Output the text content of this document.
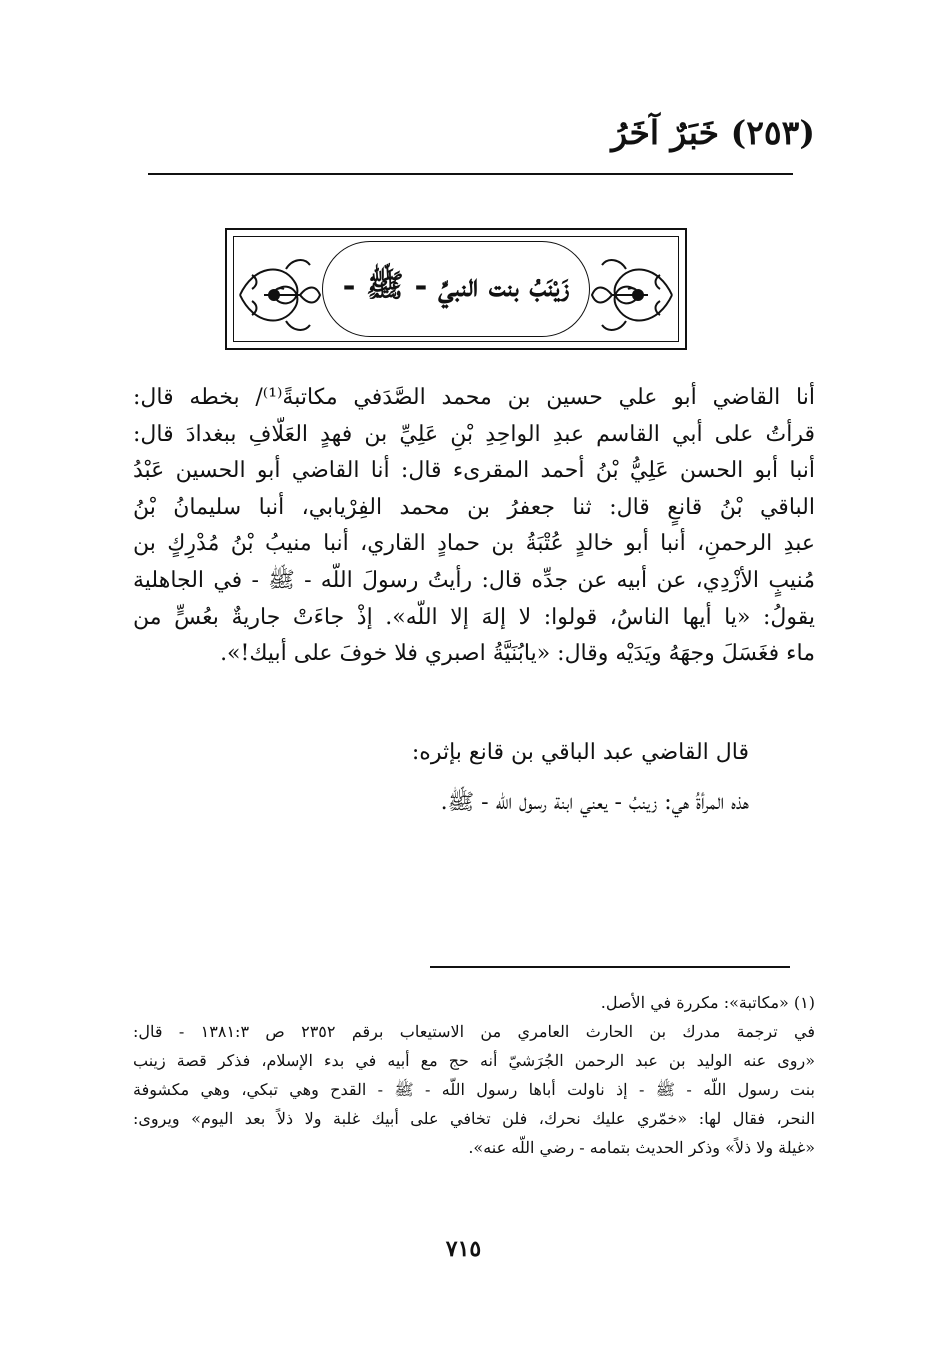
(٢٥٣) خَبَرٌ آخَرُ
زَيْنَبُ بنت النبيِّ - ﷺ -
أنا القاضي أبو علي حسين بن محمد الصَّدَفي مكاتبةً⁽¹⁾/ بخطه قال:
قرأتُ على أبي القاسم عبدِ الواحِدِ بْنِ عَلِيِّ بن فهدٍ العَلَّافِ ببغدادَ قال:
أنبا أبو الحسن عَلِيُّ بْنُ أحمد المقرىء قال: أنا القاضي أبو الحسين عَبْدُ
الباقي بْنُ قانعٍ قال: ثنا جعفرُ بن محمد الفِرْيابي، أنبا سليمانُ بْنُ
عبدِ الرحمنِ، أنبا أبو خالدٍ عُتْبَةُ بن حمادٍ القاري، أنبا منيبُ بْنُ مُدْرِكٍ بن
مُنيبٍ الأزْدِي، عن أبيه عن جدِّه قال: رأيتُ رسولَ اللّه - ﷺ - في الجاهلية
يقولُ: «يا أيها الناسُ، قولوا: لا إلهَ إلا اللّه». إذْ جاءَتْ جاريةٌ بعُسٍّ من
ماء فغَسَلَ وجهَهُ ويَدَيْه وقال: «يابُنَيَّةُ اصبري فلا خوفَ على أبيك!».

قال القاضي عبد الباقي بن قانع بإثره:

هذه المرأةُ هي: زينبُ - يعني ابنة رسول اللّه - ﷺ.

(١) «مكاتبة»: مكررة في الأصل.
في ترجمة مدرك بن الحارث العامري من الاستيعاب برقم ٢٣٥٢ ص ١٣٨١:٣ - قال:
«روى عنه الوليد بن عبد الرحمن الجُرَشيّ أنه حج مع أبيه في بدء الإسلام، فذكر قصة زينب
بنت رسول اللّه - ﷺ - إذ ناولت أباها رسول اللّه - ﷺ - القدح وهي تبكي، وهي مكشوفة
النحر، فقال لها: «خمّري عليك نحرك، فلن تخافي على أبيك غلبة ولا ذلاً بعد اليوم» ويروى:
«غيلة ولا ذلاً» وذكر الحديث بتمامه - رضي اللّه عنه».
٧١٥
